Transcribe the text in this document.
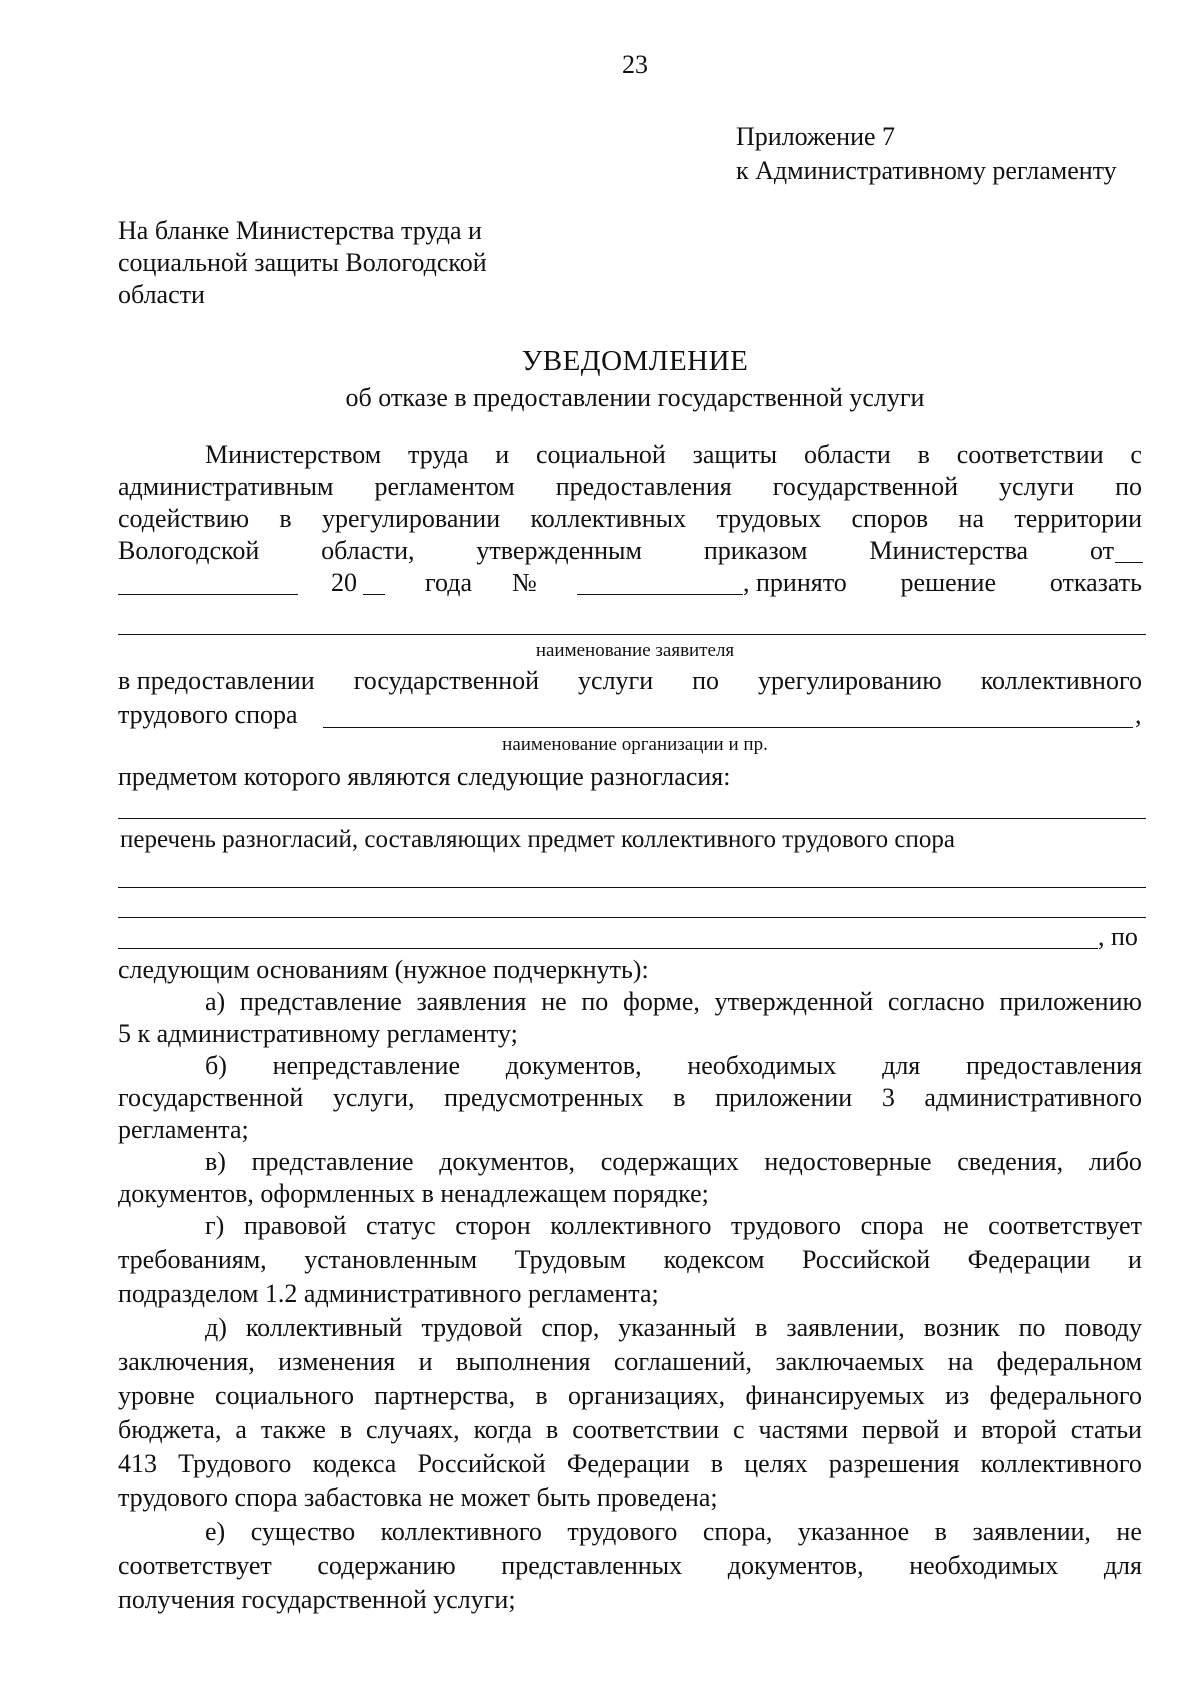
23
Приложение 7
к Административному регламенту
На бланке Министерства труда и
социальной защиты Вологодской
области
УВЕДОМЛЕНИЕ
об отказе в предоставлении государственной услуги
Министерством труда и социальной защиты области в соответствии с
административным регламентом предоставления государственной услуги по
содействию в урегулировании коллективных трудовых споров на территории
Вологодской области, утвержденным приказом Министерства от
20	года №	, принято решение отказать
наименование заявителя
в предоставлении государственной услуги по урегулированию коллективного
трудового спора	,
наименование организации и пр.
предметом которого являются следующие разногласия:
перечень разногласий, составляющих предмет коллективного трудового спора
, по
следующим основаниям (нужное подчеркнуть):
а) представление заявления не по форме, утвержденной согласно приложению
5 к административному регламенту;
б) непредставление документов, необходимых для предоставления
государственной услуги, предусмотренных в приложении 3 административного
регламента;
в) представление документов, содержащих недостоверные сведения, либо
документов, оформленных в ненадлежащем порядке;
г) правовой статус сторон коллективного трудового спора не соответствует
требованиям, установленным Трудовым кодексом Российской Федерации и
подразделом 1.2 административного регламента;
д) коллективный трудовой спор, указанный в заявлении, возник по поводу
заключения, изменения и выполнения соглашений, заключаемых на федеральном
уровне социального партнерства, в организациях, финансируемых из федерального
бюджета, а также в случаях, когда в соответствии с частями первой и второй статьи
413 Трудового кодекса Российской Федерации в целях разрешения коллективного
трудового спора забастовка не может быть проведена;
е) существо коллективного трудового спора, указанное в заявлении, не
соответствует содержанию представленных документов, необходимых для
получения государственной услуги;
